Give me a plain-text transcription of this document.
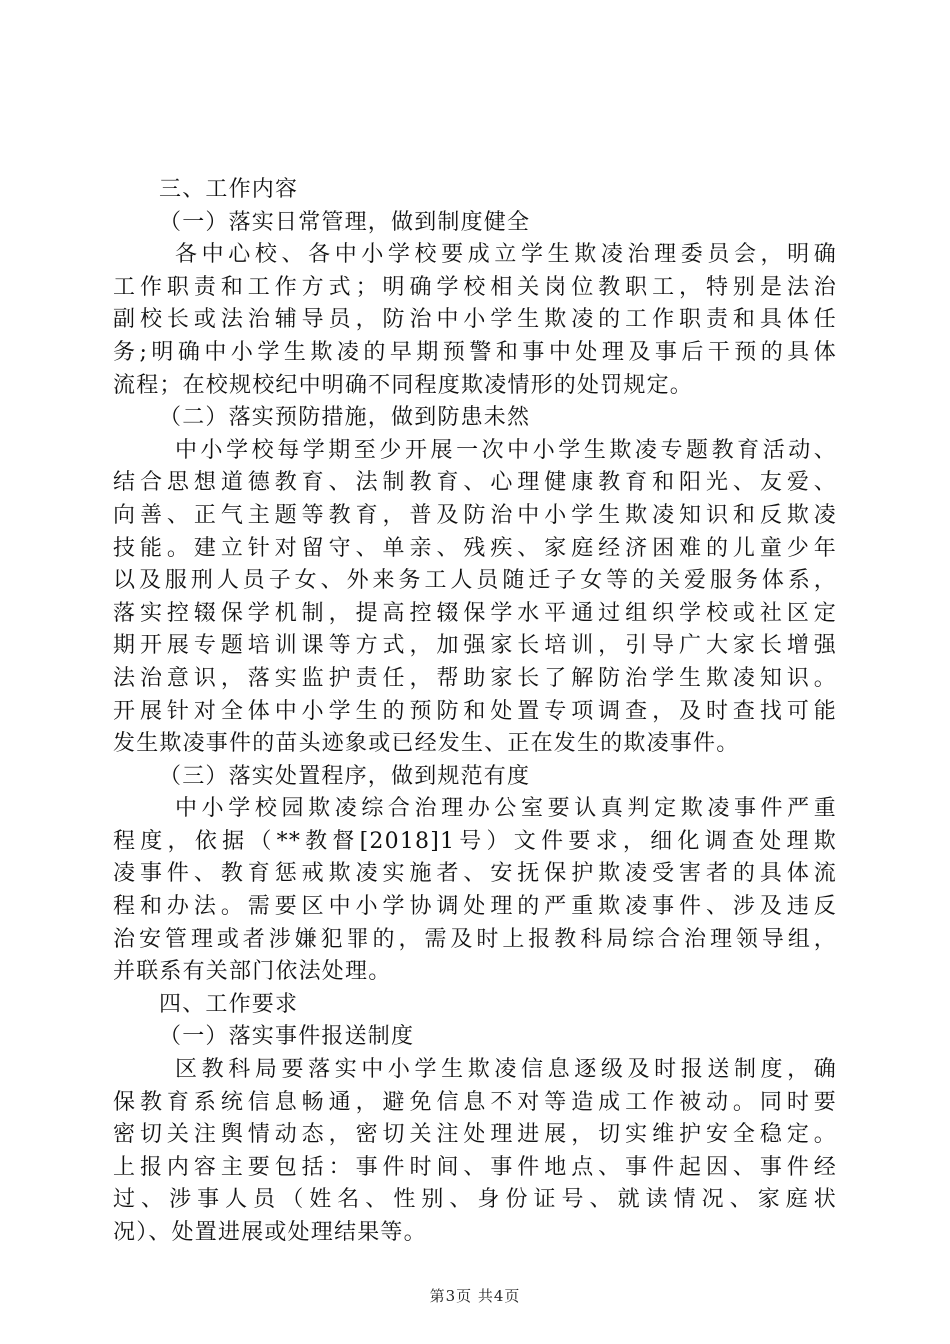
三、工作内容
（一）落实日常管理，做到制度健全
各中心校、各中小学校要成立学生欺凌治理委员会，明确
工作职责和工作方式；明确学校相关岗位教职工，特别是法治
副校长或法治辅导员，防治中小学生欺凌的工作职责和具体任
务;明确中小学生欺凌的早期预警和事中处理及事后干预的具体
流程；在校规校纪中明确不同程度欺凌情形的处罚规定。
（二）落实预防措施，做到防患未然
中小学校每学期至少开展一次中小学生欺凌专题教育活动、
结合思想道德教育、法制教育、心理健康教育和阳光、友爱、
向善、正气主题等教育，普及防治中小学生欺凌知识和反欺凌
技能。建立针对留守、单亲、残疾、家庭经济困难的儿童少年
以及服刑人员子女、外来务工人员随迁子女等的关爱服务体系，
落实控辍保学机制，提高控辍保学水平通过组织学校或社区定
期开展专题培训课等方式，加强家长培训，引导广大家长增强
法治意识，落实监护责任，帮助家长了解防治学生欺凌知识。
开展针对全体中小学生的预防和处置专项调查，及时查找可能
发生欺凌事件的苗头迹象或已经发生、正在发生的欺凌事件。
（三）落实处置程序，做到规范有度
中小学校园欺凌综合治理办公室要认真判定欺凌事件严重
程度，依据（**教督[2018]1号）文件要求，细化调查处理欺
凌事件、教育惩戒欺凌实施者、安抚保护欺凌受害者的具体流
程和办法。需要区中小学协调处理的严重欺凌事件、涉及违反
治安管理或者涉嫌犯罪的，需及时上报教科局综合治理领导组，
并联系有关部门依法处理。
四、工作要求
（一）落实事件报送制度
区教科局要落实中小学生欺凌信息逐级及时报送制度，确
保教育系统信息畅通，避免信息不对等造成工作被动。同时要
密切关注舆情动态，密切关注处理进展，切实维护安全稳定。
上报内容主要包括：事件时间、事件地点、事件起因、事件经
过、涉事人员（姓名、性别、身份证号、就读情况、家庭状
况）、处置进展或处理结果等。
第3页 共4页
